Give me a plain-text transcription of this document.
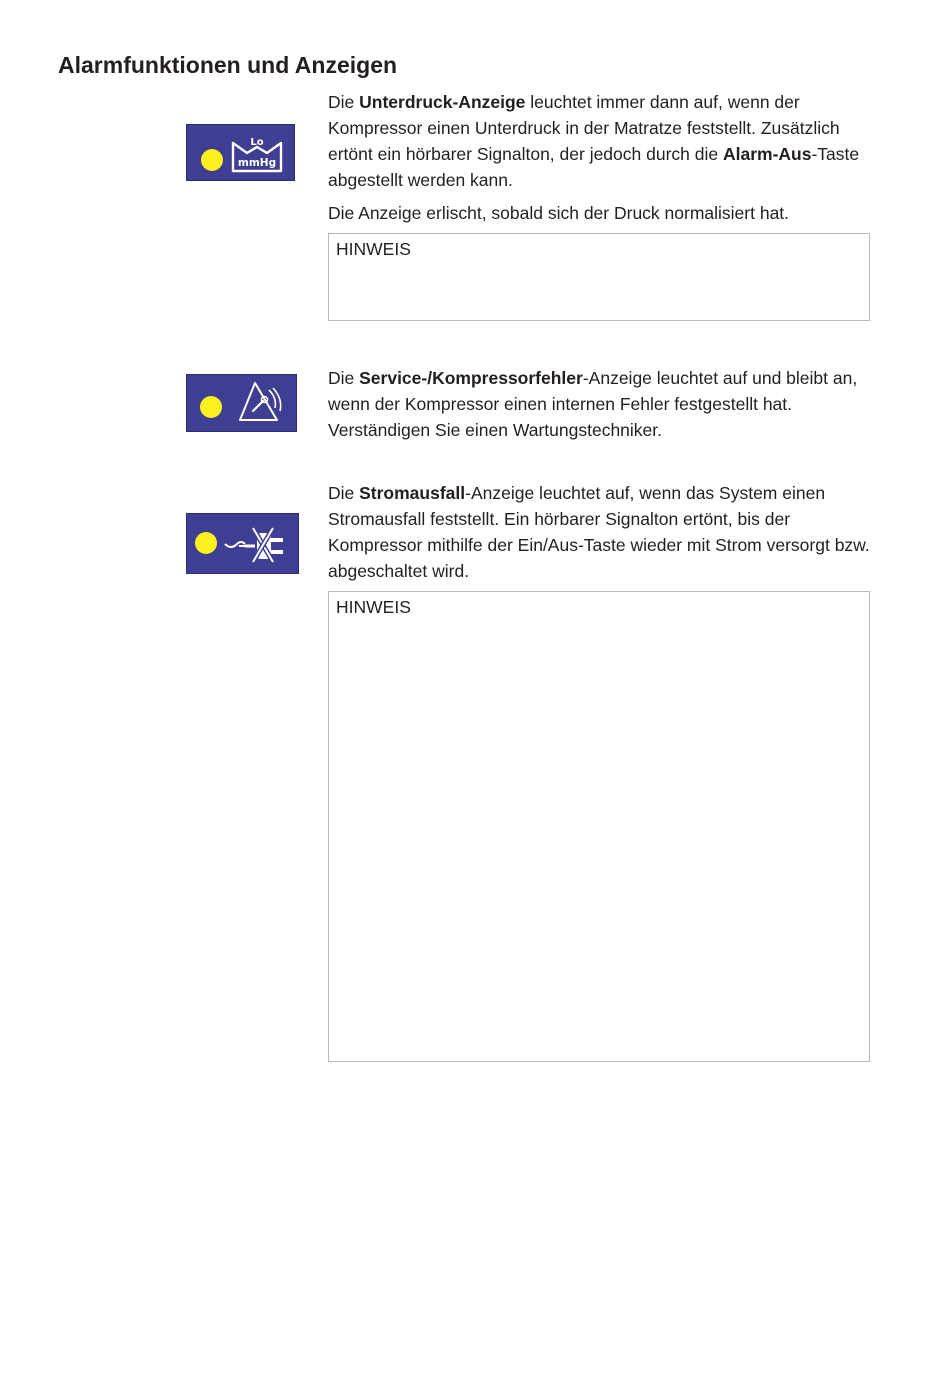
Alarmfunktionen und Anzeigen
Lo
mmHg

Die Unterdruck-Anzeige leuchtet immer dann auf, wenn der Kompressor einen Unterdruck in der Matratze feststellt. Zusätzlich ertönt ein hörbarer Signalton, der jedoch durch die Alarm-Aus-Taste abgestellt werden kann.

Die Anzeige erlischt, sobald sich der Druck normalisiert hat.

HINWEIS

Die Service-/Kompressorfehler-Anzeige leuchtet auf und bleibt an, wenn der Kompressor einen internen Fehler festgestellt hat. Verständigen Sie einen Wartungstechniker.

Die Stromausfall-Anzeige leuchtet auf, wenn das System einen Stromausfall feststellt. Ein hörbarer Signalton ertönt, bis der Kompressor mithilfe der Ein/Aus-Taste wieder mit Strom versorgt bzw. abgeschaltet wird.

HINWEIS
